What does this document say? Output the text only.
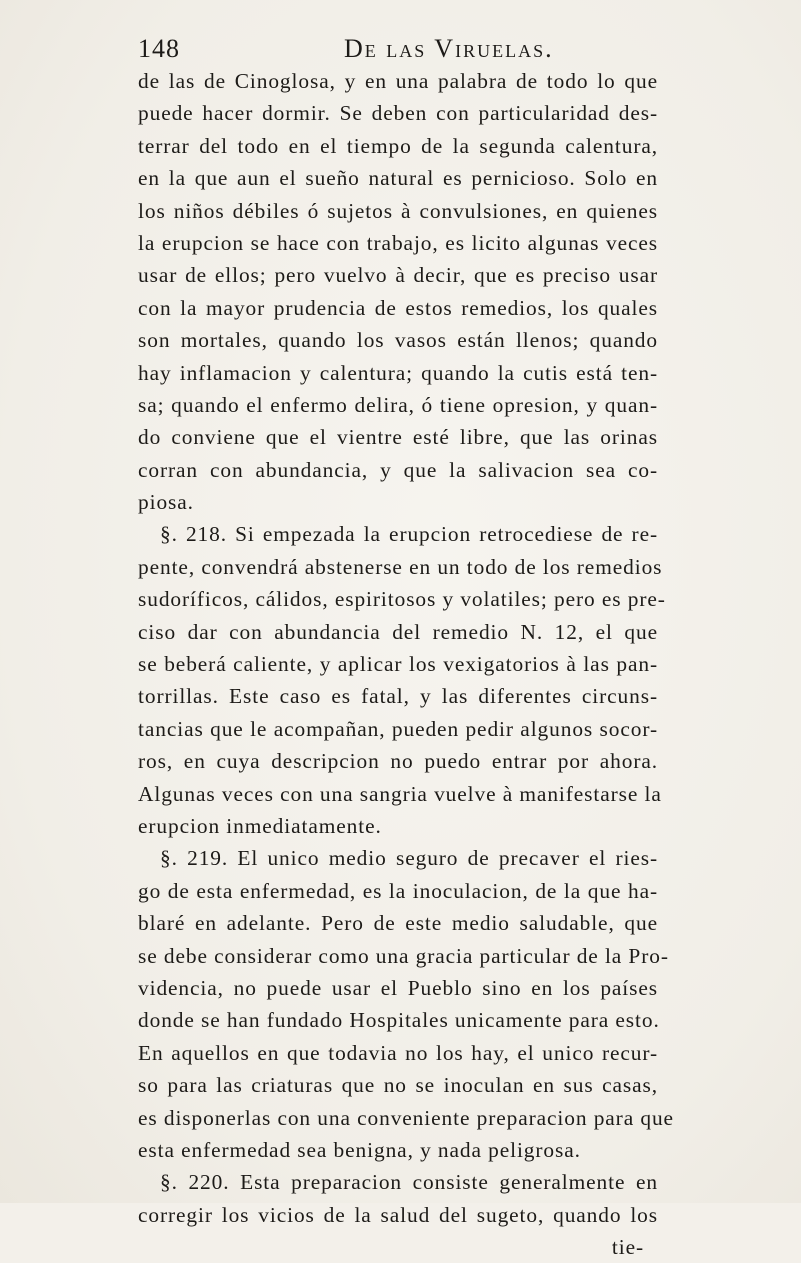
148	De las Viruelas.
de las de Cinoglosa, y en una palabra de todo lo que
puede hacer dormir. Se deben con particularidad des-
terrar del todo en el tiempo de la segunda calentura,
en la que aun el sueño natural es pernicioso. Solo en
los niños débiles ó sujetos à convulsiones, en quienes
la erupcion se hace con trabajo, es licito algunas veces
usar de ellos; pero vuelvo à decir, que es preciso usar
con la mayor prudencia de estos remedios, los quales
son mortales, quando los vasos están llenos; quando
hay inflamacion y calentura; quando la cutis está ten-
sa; quando el enfermo delira, ó tiene opresion, y quan-
do conviene que el vientre esté libre, que las orinas
corran con abundancia, y que la salivacion sea co-
piosa.
§. 218. Si empezada la erupcion retrocediese de re-
pente, convendrá abstenerse en un todo de los remedios
sudoríficos, cálidos, espiritosos y volatiles; pero es pre-
ciso dar con abundancia del remedio N. 12, el que
se beberá caliente, y aplicar los vexigatorios à las pan-
torrillas. Este caso es fatal, y las diferentes circuns-
tancias que le acompañan, pueden pedir algunos socor-
ros, en cuya descripcion no puedo entrar por ahora.
Algunas veces con una sangria vuelve à manifestarse la
erupcion inmediatamente.
§. 219. El unico medio seguro de precaver el ries-
go de esta enfermedad, es la inoculacion, de la que ha-
blaré en adelante. Pero de este medio saludable, que
se debe considerar como una gracia particular de la Pro-
videncia, no puede usar el Pueblo sino en los países
donde se han fundado Hospitales unicamente para esto.
En aquellos en que todavia no los hay, el unico recur-
so para las criaturas que no se inoculan en sus casas,
es disponerlas con una conveniente preparacion para que
esta enfermedad sea benigna, y nada peligrosa.
§. 220. Esta preparacion consiste generalmente en
corregir los vicios de la salud del sugeto, quando los
tie-
